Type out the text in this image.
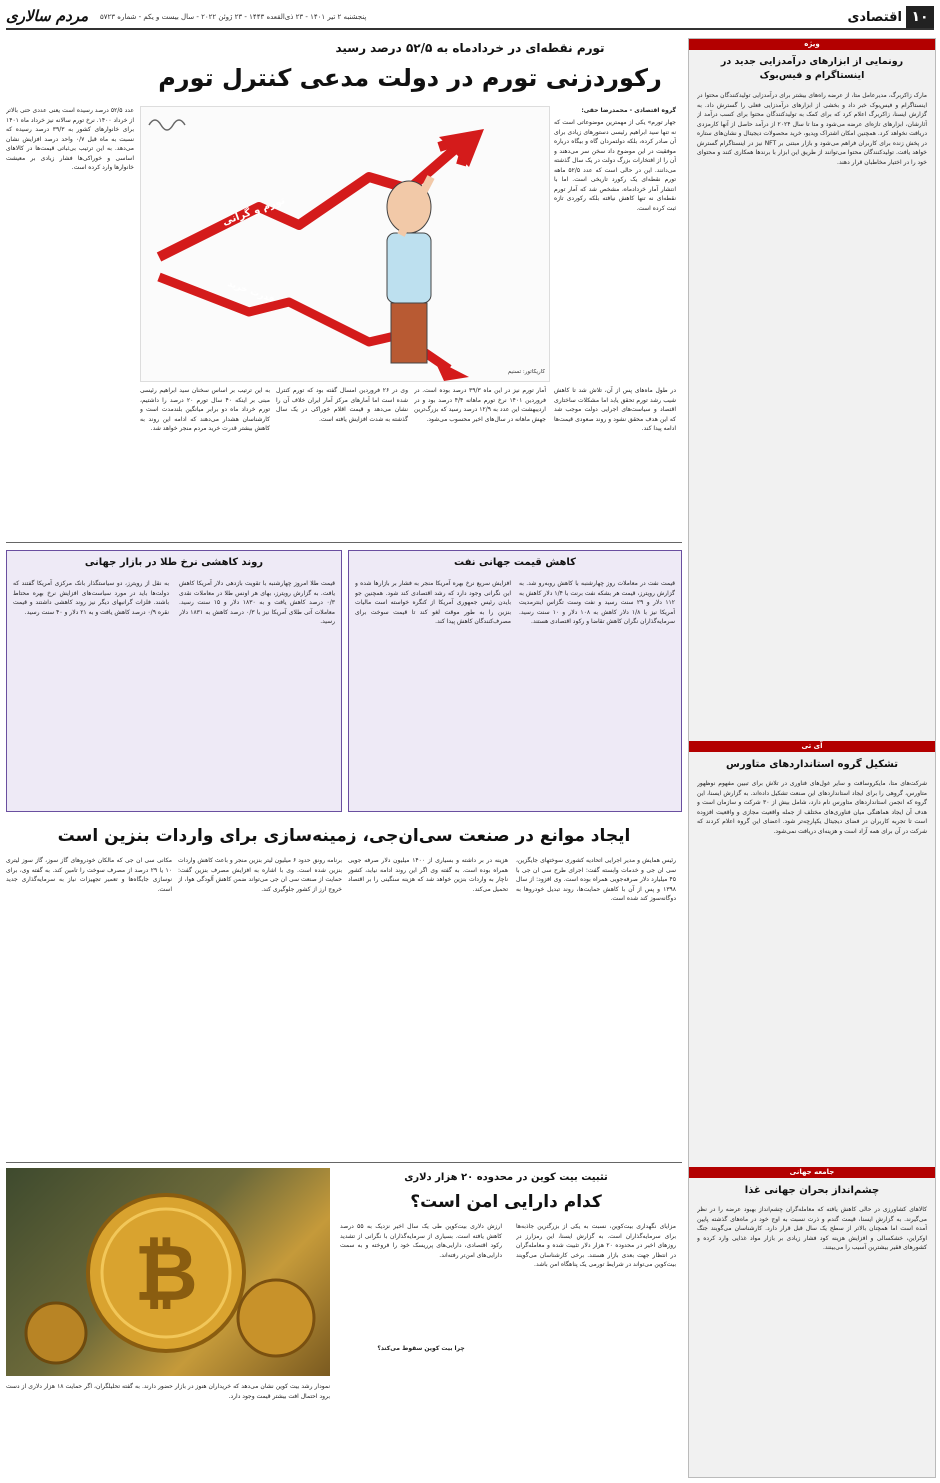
۱۰
اقتصادی
مردم سالاری	پنجشنبه ۲ تیر ۱۴۰۱ - ۲۳ ذی‌القعده ۱۴۴۳ - ۲۳ ژوئن ۲۰۲۲ - سال بیست و یکم - شماره ۵۷۲۳
ویژه
رونمایی از ابزارهای درآمدزایی جدید در اینستاگرام و فیس‌بوک

مارک زاکربرگ، مدیرعامل متا، از عرضه راه‌های بیشتر برای درآمدزایی تولیدکنندگان محتوا در اینستاگرام و فیس‌بوک خبر داد و بخشی از ابزارهای درآمدزایی فعلی را گسترش داد. به گزارش ایسنا، زاکربرگ اعلام کرد که برای کمک به تولیدکنندگان محتوا برای کسب درآمد از آثارشان، ابزارهای تازه‌ای عرضه می‌شود و متا تا سال ۲۰۲۴ از درآمد حاصل از آنها کارمزدی دریافت نخواهد کرد. همچنین امکان اشتراک ویدیو، خرید محصولات دیجیتال و نشان‌های ستاره در پخش زنده برای کاربران فراهم می‌شود و بازار مبتنی بر NFT نیز در اینستاگرام گسترش خواهد یافت. تولیدکنندگان محتوا می‌توانند از طریق این ابزار با برندها همکاری کنند و محتوای خود را در اختیار مخاطبان قرار دهند.

آی تی
تشکیل گروه استانداردهای متاورس

شرکت‌های متا، مایکروسافت و سایر غول‌های فناوری در تلاش برای تبیین مفهوم نوظهور متاورس، گروهی را برای ایجاد استانداردهای این صنعت تشکیل داده‌اند. به گزارش ایسنا، این گروه که انجمن استانداردهای متاورس نام دارد، شامل بیش از ۳۰ شرکت و سازمان است و هدف آن ایجاد هماهنگی میان فناوری‌های مختلف از جمله واقعیت مجازی و واقعیت افزوده است تا تجربه کاربران در فضای دیجیتال یکپارچه‌تر شود. اعضای این گروه اعلام کردند که شرکت در آن برای همه آزاد است و هزینه‌ای دریافت نمی‌شود.

جامعه جهانی
چشم‌انداز بحران جهانی غذا

کالاهای کشاورزی در حالی کاهش یافته که معامله‌گران چشم‌انداز بهبود عرضه را در نظر می‌گیرند. به گزارش ایسنا، قیمت گندم و ذرت نسبت به اوج خود در ماه‌های گذشته پایین آمده است اما همچنان بالاتر از سطح یک سال قبل قرار دارد. کارشناسان می‌گویند جنگ اوکراین، خشکسالی و افزایش هزینه کود فشار زیادی بر بازار مواد غذایی وارد کرده و کشورهای فقیر بیشترین آسیب را می‌بینند.

تورم نقطه‌ای در خردادماه به ۵۲/۵ درصد رسید
رکوردزنی تورم در دولت مدعی کنترل تورم
گروه اقتصادی - محمدرضا حقی:

جهار تورم» یکی از مهمترین موضوعاتی است که نه تنها سید ابراهیم رئیسی دستورهای زیادی برای آن صادر کرده، بلکه دولتمردان گاه و بیگاه درباره موفقیت در این موضوع داد سخن سر می‌دهند و آن را از افتخارات بزرگ دولت در یک سال گذشته می‌دانند. این در حالی است که عدد ۵۲/۵ ماهه تورم نقطه‌ای یک رکورد تاریخی است. اما با انتشار آمار خردادماه، مشخص شد که آمار تورم نقطه‌ای نه تنها کاهش نیافته بلکه رکوردی تازه ثبت کرده است.

تورم و گرانی
قدرت خرید
کاریکاتور: تسنیم

عدد ۵۲/۵ درصد رسیده است یعنی عددی حتی بالاتر از خرداد ۱۴۰۰. نرخ تورم سالانه نیز خرداد ماه ۱۴۰۱ برای خانوارهای کشور به ۳۹/۳ درصد رسیده که نسبت به ماه قبل ۰/۷ واحد درصد افزایش نشان می‌دهد. به این ترتیب بی‌ثباتی قیمت‌ها در کالاهای اساسی و خوراکی‌ها فشار زیادی بر معیشت خانوارها وارد کرده است.

در طول ماه‌های پس از آن، تلاش شد تا کاهش شیب رشد تورم تحقق یابد اما مشکلات ساختاری اقتصاد و سیاست‌های اجرایی دولت موجب شد که این هدف محقق نشود و روند صعودی قیمت‌ها ادامه پیدا کند.

آمار تورم نیز در این ماه ۳۹/۳ درصد بوده است. در فروردین ۱۴۰۱ نرخ تورم ماهانه ۴/۴ درصد بود و در اردیبهشت این عدد به ۱۲/۹ درصد رسید که بزرگ‌ترین جهش ماهانه در سال‌های اخیر محسوب می‌شود.

وی در ۲۶ فروردین امسال گفته بود که تورم کنترل شده است اما آمارهای مرکز آمار ایران خلاف آن را نشان می‌دهد و قیمت اقلام خوراکی در یک سال گذشته به شدت افزایش یافته است.

به این ترتیب بر اساس سخنان سید ابراهیم رئیسی مبنی بر اینکه ۴۰ سال تورم ۲۰ درصد را داشتیم، تورم خرداد ماه دو برابر میانگین بلندمدت است و کارشناسان هشدار می‌دهند که ادامه این روند به کاهش بیشتر قدرت خرید مردم منجر خواهد شد.

کاهش قیمت جهانی نفت

قیمت نفت در معاملات روز چهارشنبه با کاهش روبه‌رو شد. به گزارش رویترز، قیمت هر بشکه نفت برنت با ۱/۴ دلار کاهش به ۱۱۲ دلار و ۲۹ سنت رسید و نفت وست تگزاس اینترمدیت آمریکا نیز با ۱/۸ دلار کاهش به ۱۰۸ دلار و ۱۰ سنت رسید. سرمایه‌گذاران نگران کاهش تقاضا و رکود اقتصادی هستند.

افزایش سریع نرخ بهره آمریکا منجر به فشار بر بازارها شده و این نگرانی وجود دارد که رشد اقتصادی کند شود. همچنین جو بایدن رئیس جمهوری آمریکا از کنگره خواسته است مالیات بنزین را به طور موقت لغو کند تا قیمت سوخت برای مصرف‌کنندگان کاهش پیدا کند.

روند کاهشی نرخ طلا در بازار جهانی

قیمت طلا امروز چهارشنبه با تقویت بازدهی دلار آمریکا کاهش یافت. به گزارش رویترز، بهای هر اونس طلا در معاملات نقدی ۰/۳ درصد کاهش یافت و به ۱۸۳۰ دلار و ۱۵ سنت رسید. معاملات آتی طلای آمریکا نیز با ۰/۳ درصد کاهش به ۱۸۳۱ دلار رسید.

به نقل از رویترز، دو سیاستگذار بانک مرکزی آمریکا گفتند که دولت‌ها باید در مورد سیاست‌های افزایش نرخ بهره محتاط باشند. فلزات گرانبهای دیگر نیز روند کاهشی داشتند و قیمت نقره ۰/۹ درصد کاهش یافت و به ۲۱ دلار و ۴۰ سنت رسید.

ایجاد موانع در صنعت سی‌ان‌جی، زمینه‌سازی برای واردات بنزین است

رئیس همایش و مدیر اجرایی اتحادیه کشوری سوختهای جایگزین، سی ان جی و خدمات وابسته گفت: اجرای طرح سی ان جی با ۴۵ میلیارد دلار صرفه‌جویی همراه بوده است. وی افزود: از سال ۱۳۹۸ و پس از آن با کاهش حمایت‌ها، روند تبدیل خودروها به دوگانه‌سوز کند شده است.

هزینه در بر داشته و بسیاری از ۱۴۰۰ میلیون دلار صرفه جویی همراه بوده است. به گفته وی اگر این روند ادامه نیابد، کشور ناچار به واردات بنزین خواهد شد که هزینه سنگینی را بر اقتصاد تحمیل می‌کند.

برنامه رونق حدود ۶ میلیون لیتر بنزین منجر و باعث کاهش واردات بنزین شده است. وی با اشاره به افزایش مصرف بنزین گفت: حمایت از صنعت سی ان جی می‌تواند ضمن کاهش آلودگی هوا، از خروج ارز از کشور جلوگیری کند.

مکانی سی ان جی که مالکان خودروهای گاز سوز، گاز سوز لیتری ۱۰ یا ۲۹ درصد از مصرف سوخت را تامین کند. به گفته وی، برای نوسازی جایگاه‌ها و تعمیر تجهیزات نیاز به سرمایه‌گذاری جدید است.

₿
تثبیت بیت کوین در محدوده ۲۰ هزار دلاری
کدام دارایی امن است؟

مزایای نگهداری بیت‌کوین، نسبت به یکی از بزرگترین جاذبه‌ها برای سرمایه‌گذاران است. به گزارش ایسنا، این رمزارز در روزهای اخیر در محدوده ۲۰ هزار دلار تثبیت شده و معامله‌گران در انتظار جهت بعدی بازار هستند. برخی کارشناسان می‌گویند بیت‌کوین می‌تواند در شرایط تورمی یک پناهگاه امن باشد.

ارزش دلاری بیت‌کوین طی یک سال اخیر نزدیک به ۵۵ درصد کاهش یافته است. بسیاری از سرمایه‌گذاران با نگرانی از تشدید رکود اقتصادی، دارایی‌های پرریسک خود را فروخته و به سمت دارایی‌های امن‌تر رفته‌اند.

چرا بیت کوین سقوط می‌کند؟

نمودار رشد بیت کوین نشان می‌دهد که خریداران هنوز در بازار حضور دارند. به گفته تحلیلگران، اگر حمایت ۱۸ هزار دلاری از دست برود احتمال افت بیشتر قیمت وجود دارد.
